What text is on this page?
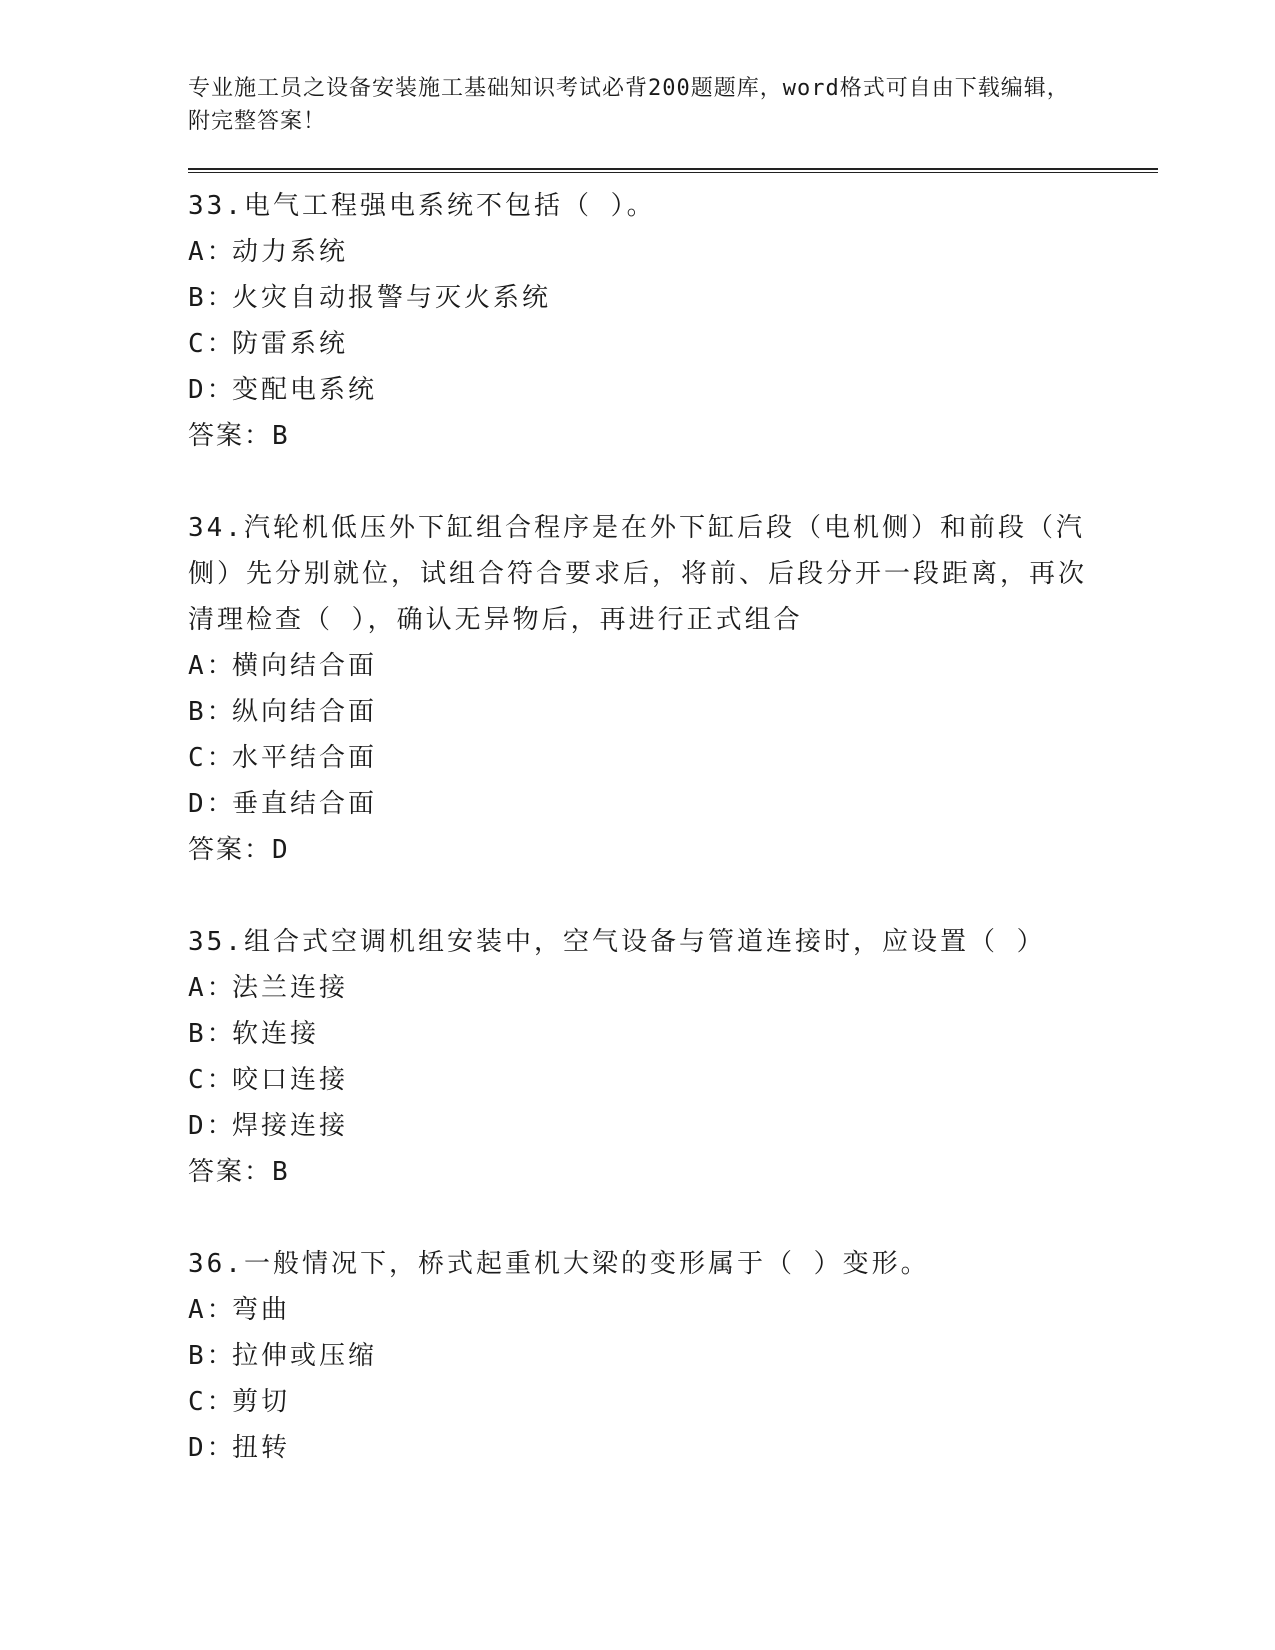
专业施工员之设备安装施工基础知识考试必背200题题库，word格式可自由下载编辑，附完整答案！

33.电气工程强电系统不包括（ ）。

A：
动力系统

B：
火灾自动报警与灭火系统

C：
防雷系统

D：
变配电系统

答案：B

34.汽轮机低压外下缸组合程序是在外下缸后段（电机侧）和前段（汽侧）先分别就位，试组合符合要求后，将前、后段分开一段距离，再次清理检查（ ），确认无异物后，再进行正式组合

A：
横向结合面

B：
纵向结合面

C：
水平结合面

D：
垂直结合面

答案：D

35.组合式空调机组安装中，空气设备与管道连接时，应设置（ ）

A：
法兰连接

B：
软连接

C：
咬口连接

D：
焊接连接

答案：B

36.一般情况下，桥式起重机大梁的变形属于（ ）变形。

A：
弯曲

B：
拉伸或压缩

C：
剪切

D：
扭转
